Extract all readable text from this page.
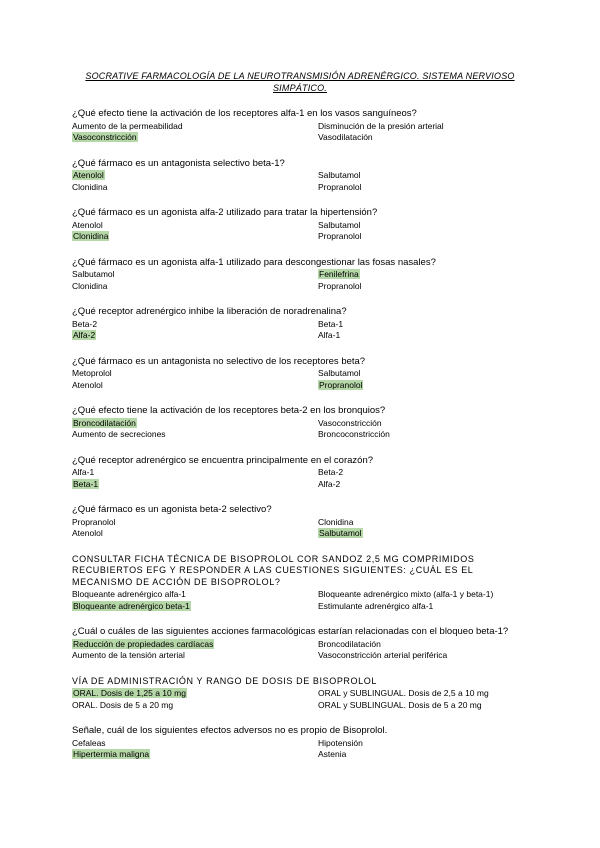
SOCRATIVE FARMACOLOGÍA DE LA NEUROTRANSMISIÓN ADRENÉRGICO. SISTEMA NERVIOSO
SIMPÁTICO.
¿Qué efecto tiene la activación de los receptores alfa-1 en los vasos sanguíneos?
Aumento de la permeabilidad	Disminución de la presión arterial
Vasoconstricción	Vasodilatación
¿Qué fármaco es un antagonista selectivo beta-1?
Atenolol	Salbutamol
Clonidina	Propranolol
¿Qué fármaco es un agonista alfa-2 utilizado para tratar la hipertensión?
Atenolol	Salbutamol
Clonidina	Propranolol
¿Qué fármaco es un agonista alfa-1 utilizado para descongestionar las fosas nasales?
Salbutamol	Fenilefrina
Clonidina	Propranolol
¿Qué receptor adrenérgico inhibe la liberación de noradrenalina?
Beta-2	Beta-1
Alfa-2	Alfa-1
¿Qué fármaco es un antagonista no selectivo de los receptores beta?
Metoprolol	Salbutamol
Atenolol	Propranolol
¿Qué efecto tiene la activación de los receptores beta-2 en los bronquios?
Broncodilatación	Vasoconstricción
Aumento de secreciones	Broncoconstricción
¿Qué receptor adrenérgico se encuentra principalmente en el corazón?
Alfa-1	Beta-2
Beta-1	Alfa-2
¿Qué fármaco es un agonista beta-2 selectivo?
Propranolol	Clonidina
Atenolol	Salbutamol
CONSULTAR FICHA TÉCNICA DE BISOPROLOL COR SANDOZ 2,5 MG COMPRIMIDOS RECUBIERTOS EFG Y RESPONDER A LAS CUESTIONES SIGUIENTES: ¿CUÁL ES EL MECANISMO DE ACCIÓN DE BISOPROLOL?
Bloqueante adrenérgico alfa-1	Bloqueante adrenérgico mixto (alfa-1 y beta-1)
Bloqueante adrenérgico beta-1	Estimulante adrenérgico alfa-1
¿Cuál o cuáles de las siguientes acciones farmacológicas estarían relacionadas con el bloqueo beta-1?
Reducción de propiedades cardíacas	Broncodilatación
Aumento de la tensión arterial	Vasoconstricción arterial periférica
VÍA DE ADMINISTRACIÓN Y RANGO DE DOSIS DE BISOPROLOL
ORAL. Dosis de 1,25 a 10 mg	ORAL y SUBLINGUAL. Dosis de 2,5 a 10 mg
ORAL. Dosis de 5 a 20 mg	ORAL y SUBLINGUAL. Dosis de 5 a 20 mg
Señale, cuál de los siguientes efectos adversos no es propio de Bisoprolol.
Cefaleas	Hipotensión
Hipertermia maligna	Astenia
